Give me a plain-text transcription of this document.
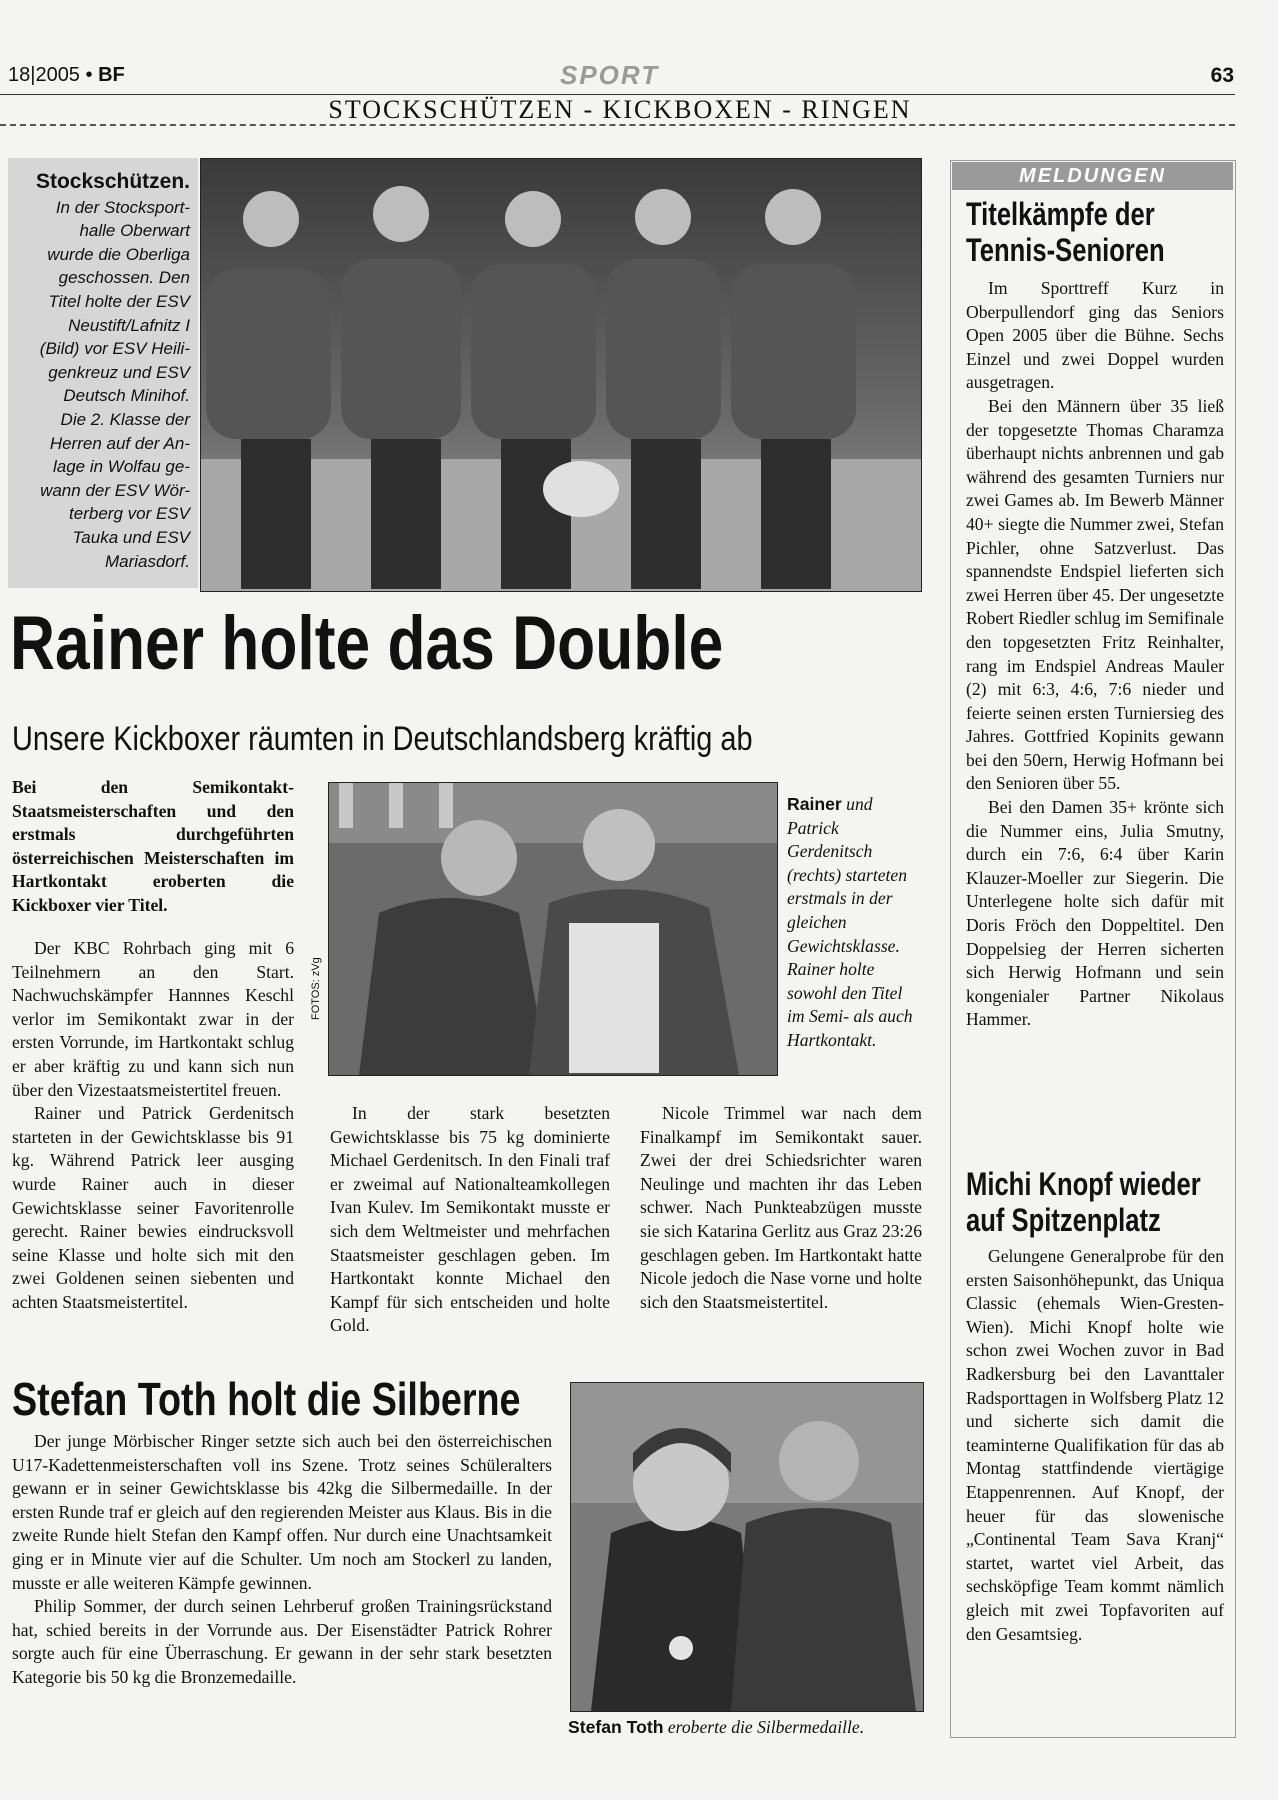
18|2005 • BF	SPORT	63
STOCKSCHÜTZEN - KICKBOXEN - RINGEN
Stockschützen.
In der Stocksport-
halle Oberwart
wurde die Oberliga
geschossen. Den
Titel holte der ESV
Neustift/Lafnitz I
(Bild) vor ESV Heili-
genkreuz und ESV
Deutsch Minihof.
Die 2. Klasse der
Herren auf der An-
lage in Wolfau ge-
wann der ESV Wör-
terberg vor ESV
Tauka und ESV
Mariasdorf.
Rainer holte das Double
Unsere Kickboxer räumten in Deutschlandsberg kräftig ab
Bei den Semikontakt-Staatsmeisterschaften und den erstmals durchgeführten österreichischen Meisterschaften im Hartkontakt eroberten die Kickboxer vier Titel.

Der KBC Rohrbach ging mit 6 Teilnehmern an den Start. Nachwuchskämpfer Hannnes Keschl verlor im Semikontakt zwar in der ersten Vorrunde, im Hartkontakt schlug er aber kräftig zu und kann sich nun über den Vizestaatsmeistertitel freuen.

Rainer und Patrick Gerdenitsch starteten in der Gewichtsklasse bis 91 kg. Während Patrick leer ausging wurde Rainer auch in dieser Gewichtsklasse seiner Favoritenrolle gerecht. Rainer bewies eindrucksvoll seine Klasse und holte sich mit den zwei Goldenen seinen siebenten und achten Staatsmeistertitel.

FOTOS: zVg
Rainer und Patrick Gerdenitsch (rechts) starteten erstmals in der gleichen Gewichtsklasse. Rainer holte sowohl den Titel im Semi- als auch Hartkontakt.

In der stark besetzten Gewichtsklasse bis 75 kg dominierte Michael Gerdenitsch. In den Finali traf er zweimal auf Nationalteamkollegen Ivan Kulev. Im Semikontakt musste er sich dem Weltmeister und mehrfachen Staatsmeister geschlagen geben. Im Hartkontakt konnte Michael den Kampf für sich entscheiden und holte Gold.

Nicole Trimmel war nach dem Finalkampf im Semikontakt sauer. Zwei der drei Schiedsrichter waren Neulinge und machten ihr das Leben schwer. Nach Punkteabzügen musste sie sich Katarina Gerlitz aus Graz 23:26 geschlagen geben. Im Hartkontakt hatte Nicole jedoch die Nase vorne und holte sich den Staatsmeistertitel.

Stefan Toth holt die Silberne

Der junge Mörbischer Ringer setzte sich auch bei den österreichischen U17-Kadettenmeisterschaften voll ins Szene. Trotz seines Schüleralters gewann er in seiner Gewichtsklasse bis 42kg die Silbermedaille. In der ersten Runde traf er gleich auf den regierenden Meister aus Klaus. Bis in die zweite Runde hielt Stefan den Kampf offen. Nur durch eine Unachtsamkeit ging er in Minute vier auf die Schulter. Um noch am Stockerl zu landen, musste er alle weiteren Kämpfe gewinnen.

Philip Sommer, der durch seinen Lehrberuf großen Trainingsrückstand hat, schied bereits in der Vorrunde aus. Der Eisenstädter Patrick Rohrer sorgte auch für eine Überraschung. Er gewann in der sehr stark besetzten Kategorie bis 50 kg die Bronzemedaille.

Stefan Toth eroberte die Silbermedaille.
MELDUNGEN
Titelkämpfe der
Tennis-Senioren

Im Sporttreff Kurz in Oberpullendorf ging das Seniors Open 2005 über die Bühne. Sechs Einzel und zwei Doppel wurden ausgetragen.

Bei den Männern über 35 ließ der topgesetzte Thomas Charamza überhaupt nichts anbrennen und gab während des gesamten Turniers nur zwei Games ab. Im Bewerb Männer 40+ siegte die Nummer zwei, Stefan Pichler, ohne Satzverlust. Das spannendste Endspiel lieferten sich zwei Herren über 45. Der ungesetzte Robert Riedler schlug im Semifinale den topgesetzten Fritz Reinhalter, rang im Endspiel Andreas Mauler (2) mit 6:3, 4:6, 7:6 nieder und feierte seinen ersten Turniersieg des Jahres. Gottfried Kopinits gewann bei den 50ern, Herwig Hofmann bei den Senioren über 55.

Bei den Damen 35+ krönte sich die Nummer eins, Julia Smutny, durch ein 7:6, 6:4 über Karin Klauzer-Moeller zur Siegerin. Die Unterlegene holte sich dafür mit Doris Fröch den Doppeltitel. Den Doppelsieg der Herren sicherten sich Herwig Hofmann und sein kongenialer Partner Nikolaus Hammer.

Michi Knopf wieder
auf Spitzenplatz

Gelungene Generalprobe für den ersten Saisonhöhepunkt, das Uniqua Classic (ehemals Wien-Gresten-Wien). Michi Knopf holte wie schon zwei Wochen zuvor in Bad Radkersburg bei den Lavanttaler Radsporttagen in Wolfsberg Platz 12 und sicherte sich damit die teaminterne Qualifikation für das ab Montag stattfindende viertägige Etappenrennen. Auf Knopf, der heuer für das slowenische „Continental Team Sava Kranj“ startet, wartet viel Arbeit, das sechsköpfige Team kommt nämlich gleich mit zwei Topfavoriten auf den Gesamtsieg.
